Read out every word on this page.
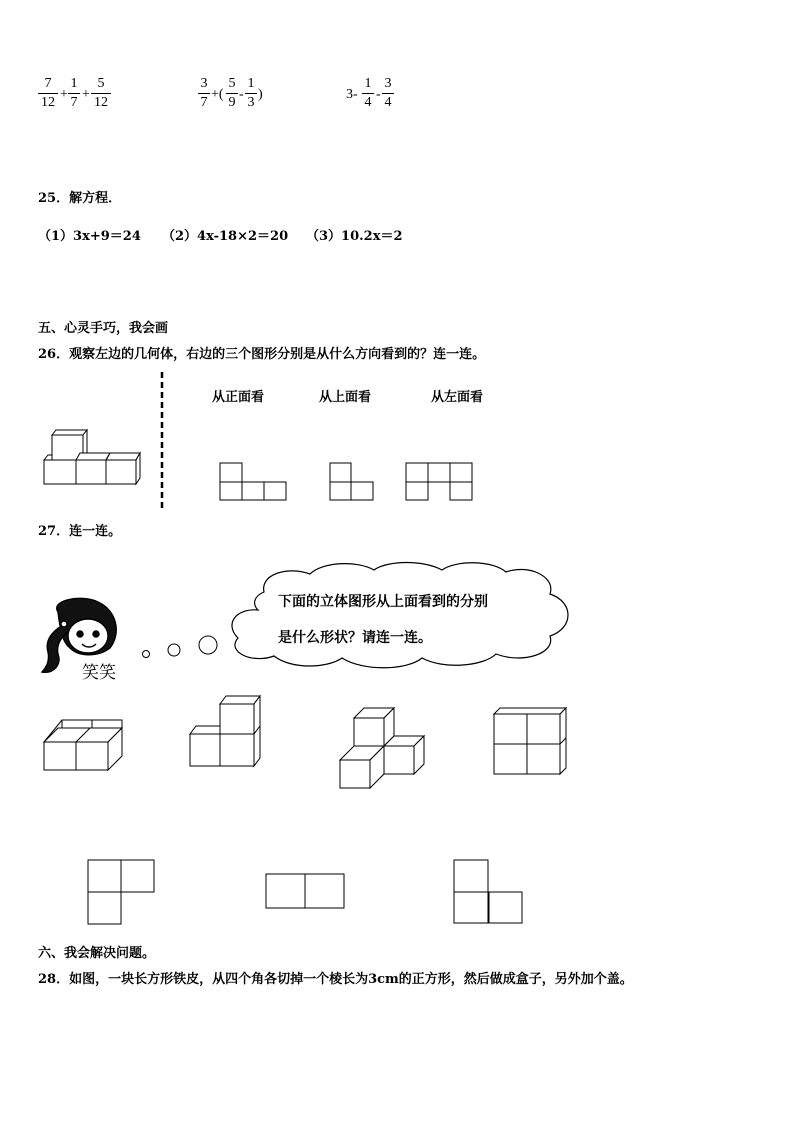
7
12
+
1
7
+
5
12
3
7
+(
5
9
-
1
3
)	3-
1
4
-
3
4
25．解方程．
（1）3x+9＝24 （2）4x-18×2＝20 （3）10.2x＝2
五、心灵手巧，我会画
26．观察左边的几何体，右边的三个图形分别是从什么方向看到的？连一连。
从正面看	从上面看	从左面看
27．连一连。
笑笑
下面的立体图形从上面看到的分别
是什么形状？请连一连。
六、我会解决问题。
28．如图，一块长方形铁皮，从四个角各切掉一个棱长为3cm的正方形，然后做成盒子，另外加个盖。
